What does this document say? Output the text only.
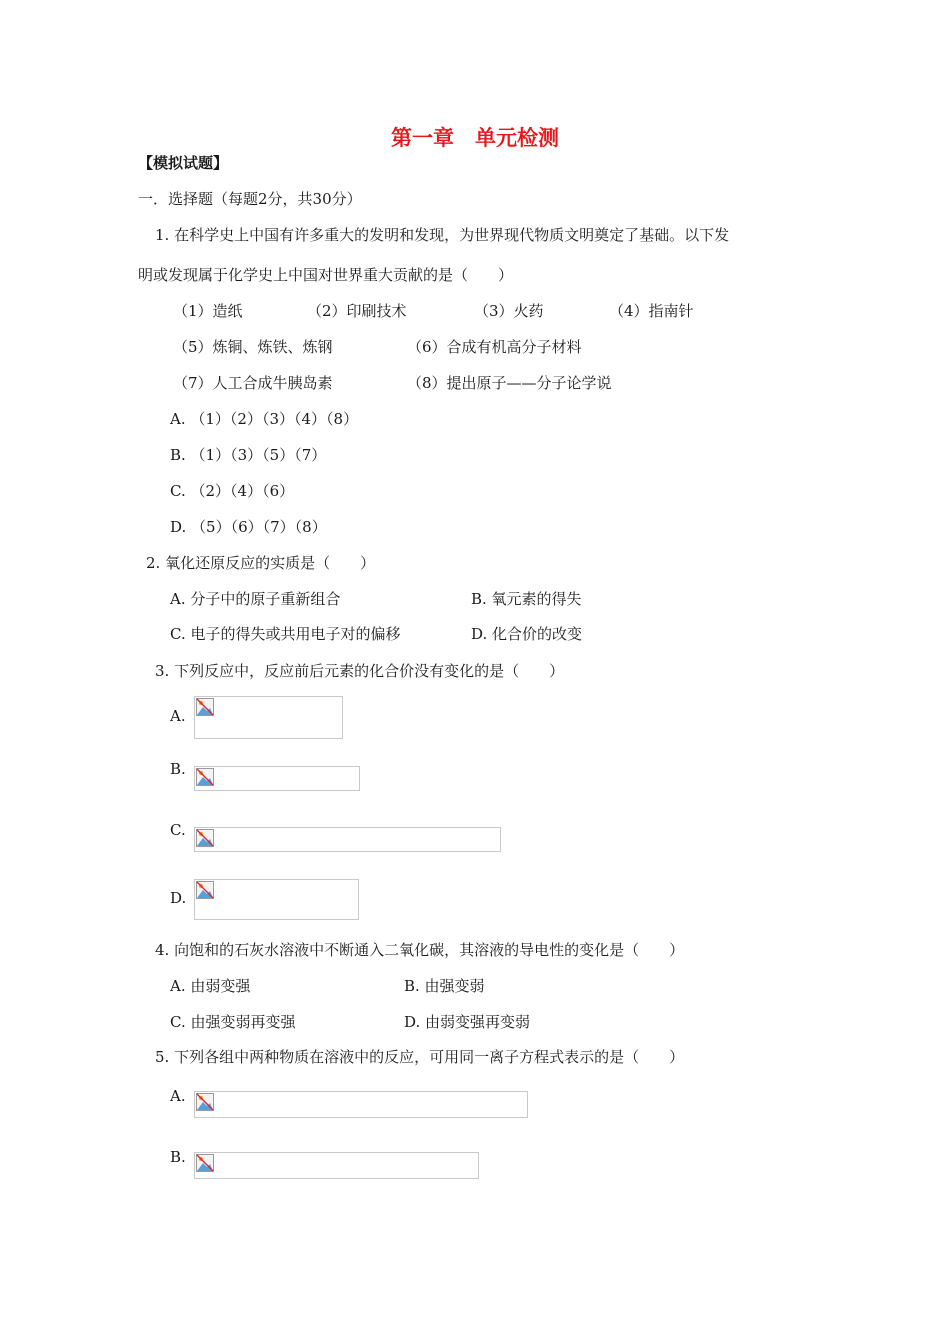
第一章　单元检测
【模拟试题】
一．选择题（每题2分，共30分）
1. 在科学史上中国有许多重大的发明和发现，为世界现代物质文明奠定了基础。以下发
明或发现属于化学史上中国对世界重大贡献的是（　　）
（1）造纸	（2）印刷技术	（3）火药	（4）指南针
（5）炼铜、炼铁、炼钢	（6）合成有机高分子材料
（7）人工合成牛胰岛素	（8）提出原子——分子论学说
A. （1）（2）（3）（4）（8）
B. （1）（3）（5）（7）
C. （2）（4）（6）
D. （5）（6）（7）（8）
2. 氧化还原反应的实质是（　　）
A. 分子中的原子重新组合	B. 氧元素的得失
C. 电子的得失或共用电子对的偏移	D. 化合价的改变
3. 下列反应中，反应前后元素的化合价没有变化的是（　　）
A.
B.
C.
D.
4. 向饱和的石灰水溶液中不断通入二氧化碳，其溶液的导电性的变化是（　　）
A. 由弱变强	B. 由强变弱
C. 由强变弱再变强	D. 由弱变强再变弱
5. 下列各组中两种物质在溶液中的反应，可用同一离子方程式表示的是（　　）
A.
B.
